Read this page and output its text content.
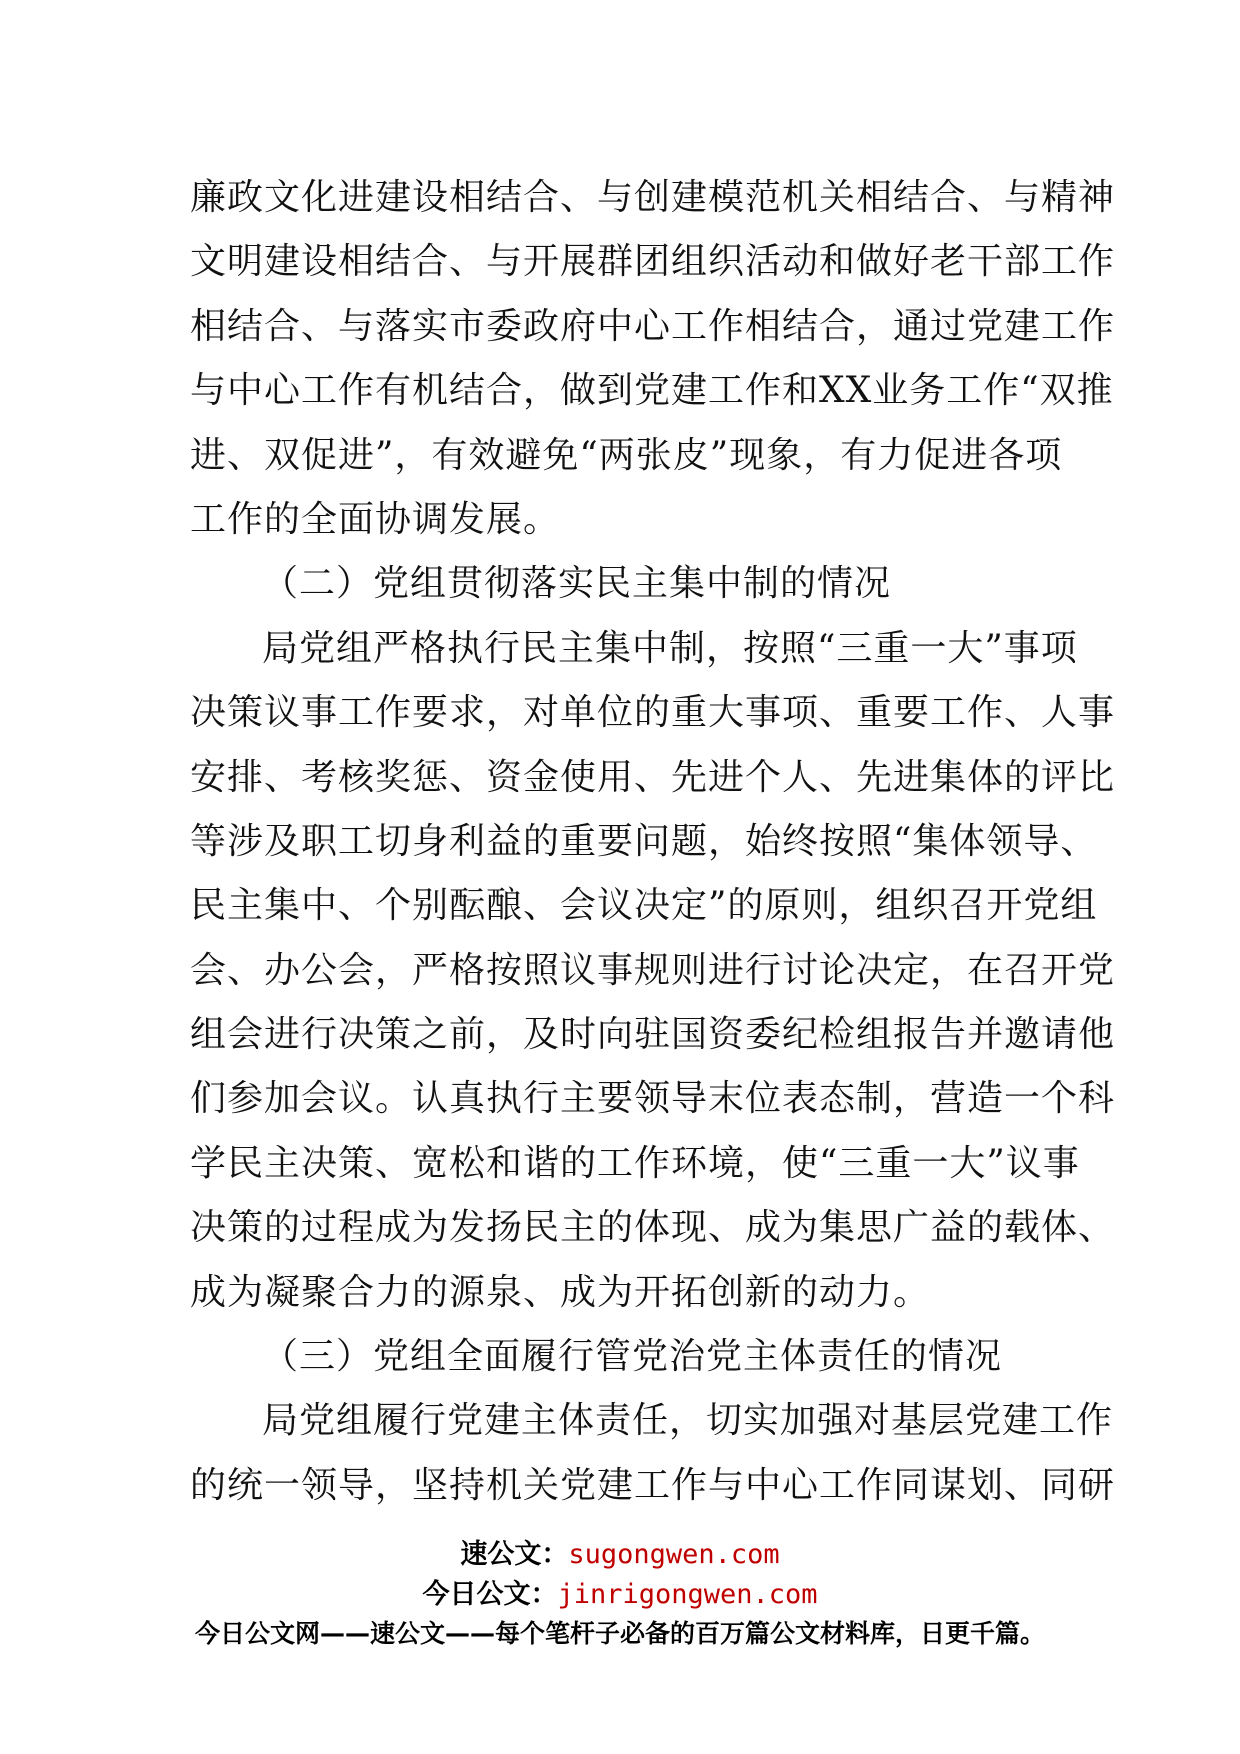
廉政文化进建设相结合、与创建模范机关相结合、与精神
文明建设相结合、与开展群团组织活动和做好老干部工作
相结合、与落实市委政府中心工作相结合，通过党建工作
与中心工作有机结合，做到党建工作和XX业务工作“双推
进、双促进”，有效避免“两张皮”现象，有力促进各项
工作的全面协调发展。
（二）党组贯彻落实民主集中制的情况
局党组严格执行民主集中制，按照“三重一大”事项
决策议事工作要求，对单位的重大事项、重要工作、人事
安排、考核奖惩、资金使用、先进个人、先进集体的评比
等涉及职工切身利益的重要问题，始终按照“集体领导、
民主集中、个别酝酿、会议决定”的原则，组织召开党组
会、办公会，严格按照议事规则进行讨论决定，在召开党
组会进行决策之前，及时向驻国资委纪检组报告并邀请他
们参加会议。认真执行主要领导末位表态制，营造一个科
学民主决策、宽松和谐的工作环境，使“三重一大”议事
决策的过程成为发扬民主的体现、成为集思广益的载体、
成为凝聚合力的源泉、成为开拓创新的动力。
（三）党组全面履行管党治党主体责任的情况
局党组履行党建主体责任，切实加强对基层党建工作
的统一领导，坚持机关党建工作与中心工作同谋划、同研
速公文：sugongwen.com
今日公文：jinrigongwen.com
今日公文网——速公文——每个笔杆子必备的百万篇公文材料库，日更千篇。
